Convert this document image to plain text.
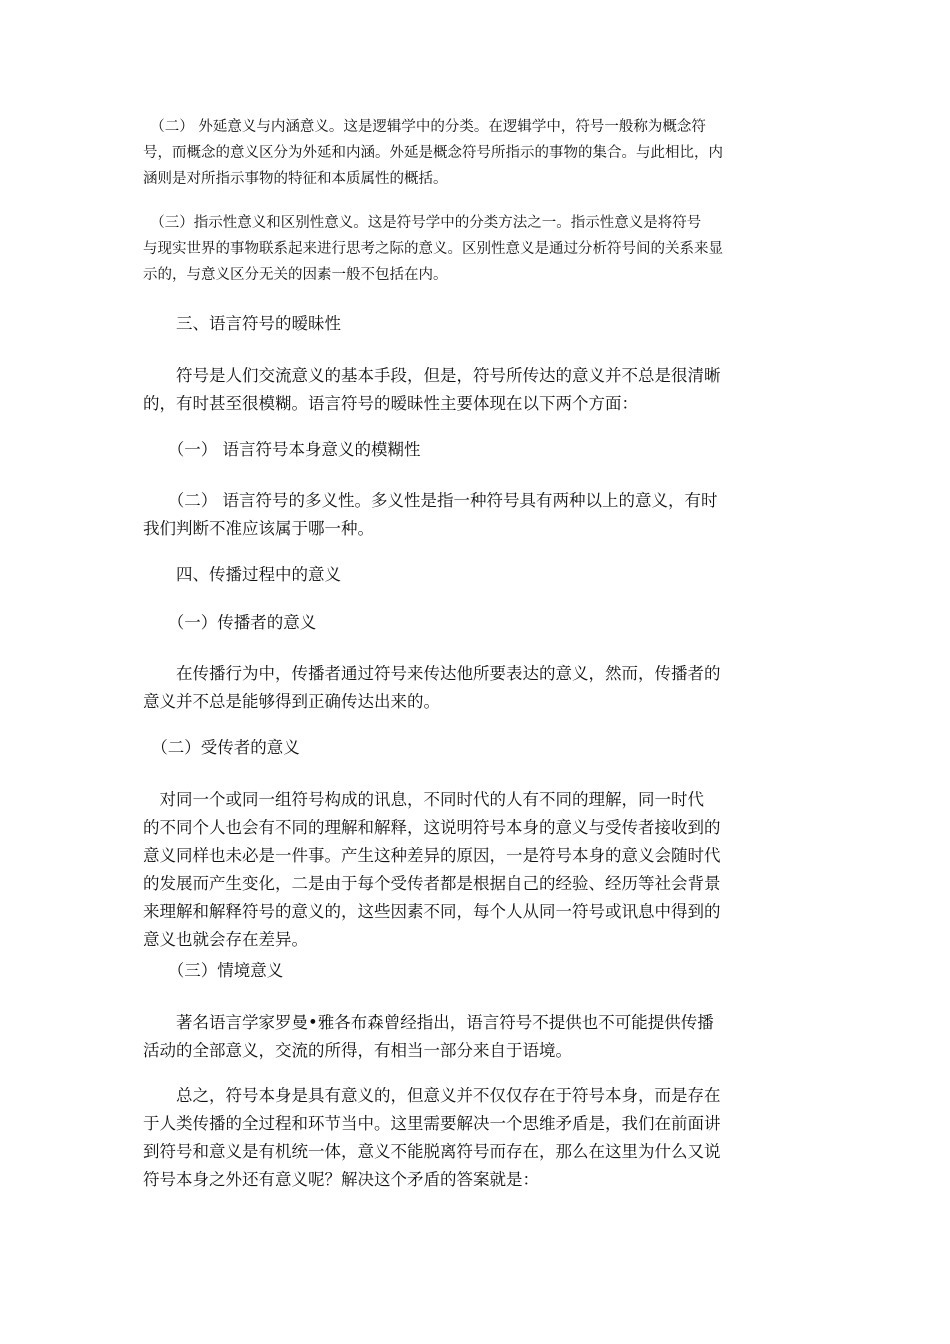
　（二） 外延意义与内涵意义。这是逻辑学中的分类。在逻辑学中，符号一般称为概念符
号，而概念的意义区分为外延和内涵。外延是概念符号所指示的事物的集合。与此相比，内
涵则是对所指示事物的特征和本质属性的概括。

　（三）指示性意义和区别性意义。这是符号学中的分类方法之一。指示性意义是将符号
与现实世界的事物联系起来进行思考之际的意义。区别性意义是通过分析符号间的关系来显
示的，与意义区分无关的因素一般不包括在内。

　　三、语言符号的暧昧性

　　符号是人们交流意义的基本手段，但是，符号所传达的意义并不总是很清晰
的，有时甚至很模糊。语言符号的暧昧性主要体现在以下两个方面：

　　（一） 语言符号本身意义的模糊性

　　（二） 语言符号的多义性。多义性是指一种符号具有两种以上的意义，有时
我们判断不准应该属于哪一种。

　　四、传播过程中的意义

　　（一）传播者的意义

　　在传播行为中，传播者通过符号来传达他所要表达的意义，然而，传播者的
意义并不总是能够得到正确传达出来的。

　（二）受传者的意义

　对同一个或同一组符号构成的讯息，不同时代的人有不同的理解，同一时代
的不同个人也会有不同的理解和解释，这说明符号本身的意义与受传者接收到的
意义同样也未必是一件事。产生这种差异的原因，一是符号本身的意义会随时代
的发展而产生变化，二是由于每个受传者都是根据自己的经验、经历等社会背景
来理解和解释符号的意义的，这些因素不同，每个人从同一符号或讯息中得到的
意义也就会存在差异。

　　（三）情境意义

　　著名语言学家罗曼•雅各布森曾经指出，语言符号不提供也不可能提供传播
活动的全部意义，交流的所得，有相当一部分来自于语境。

　　总之，符号本身是具有意义的，但意义并不仅仅存在于符号本身，而是存在
于人类传播的全过程和环节当中。这里需要解决一个思维矛盾是，我们在前面讲
到符号和意义是有机统一体，意义不能脱离符号而存在，那么在这里为什么又说
符号本身之外还有意义呢？解决这个矛盾的答案就是：
